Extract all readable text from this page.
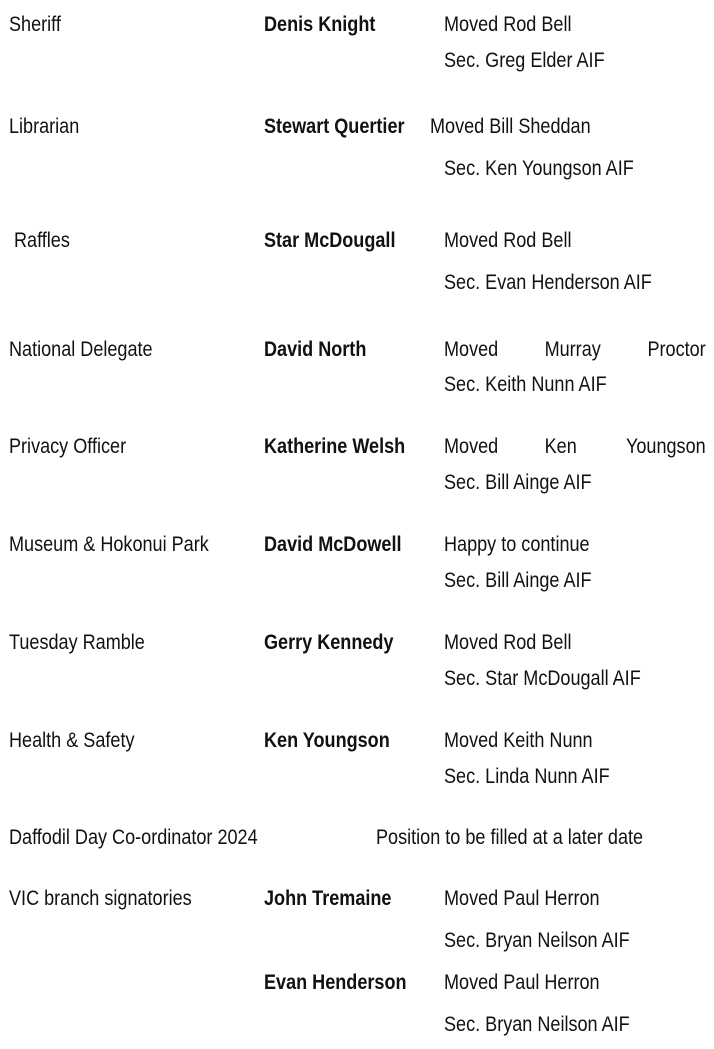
Sheriff	Denis Knight	Moved Rod Bell
Sec. Greg Elder AIF
Librarian	Stewart Quertier Moved Bill Sheddan
Sec. Ken Youngson AIF
Raffles	Star McDougall Moved Rod Bell
Sec. Evan Henderson AIF
National Delegate	David North	Moved Murray Proctor
Sec. Keith Nunn AIF
Privacy Officer	Katherine Welsh Moved Ken Youngson
Sec. Bill Ainge AIF
Museum & Hokonui Park	David McDowell Happy to continue
Sec. Bill Ainge AIF
Tuesday Ramble	Gerry Kennedy Moved Rod Bell
Sec. Star McDougall AIF
Health & Safety	Ken Youngson	Moved Keith Nunn
Sec. Linda Nunn AIF
Daffodil Day Co-ordinator 2024	Position to be filled at a later date
VIC branch signatories	John Tremaine	Moved Paul Herron
Sec. Bryan Neilson AIF
Evan Henderson Moved Paul Herron
Sec. Bryan Neilson AIF
